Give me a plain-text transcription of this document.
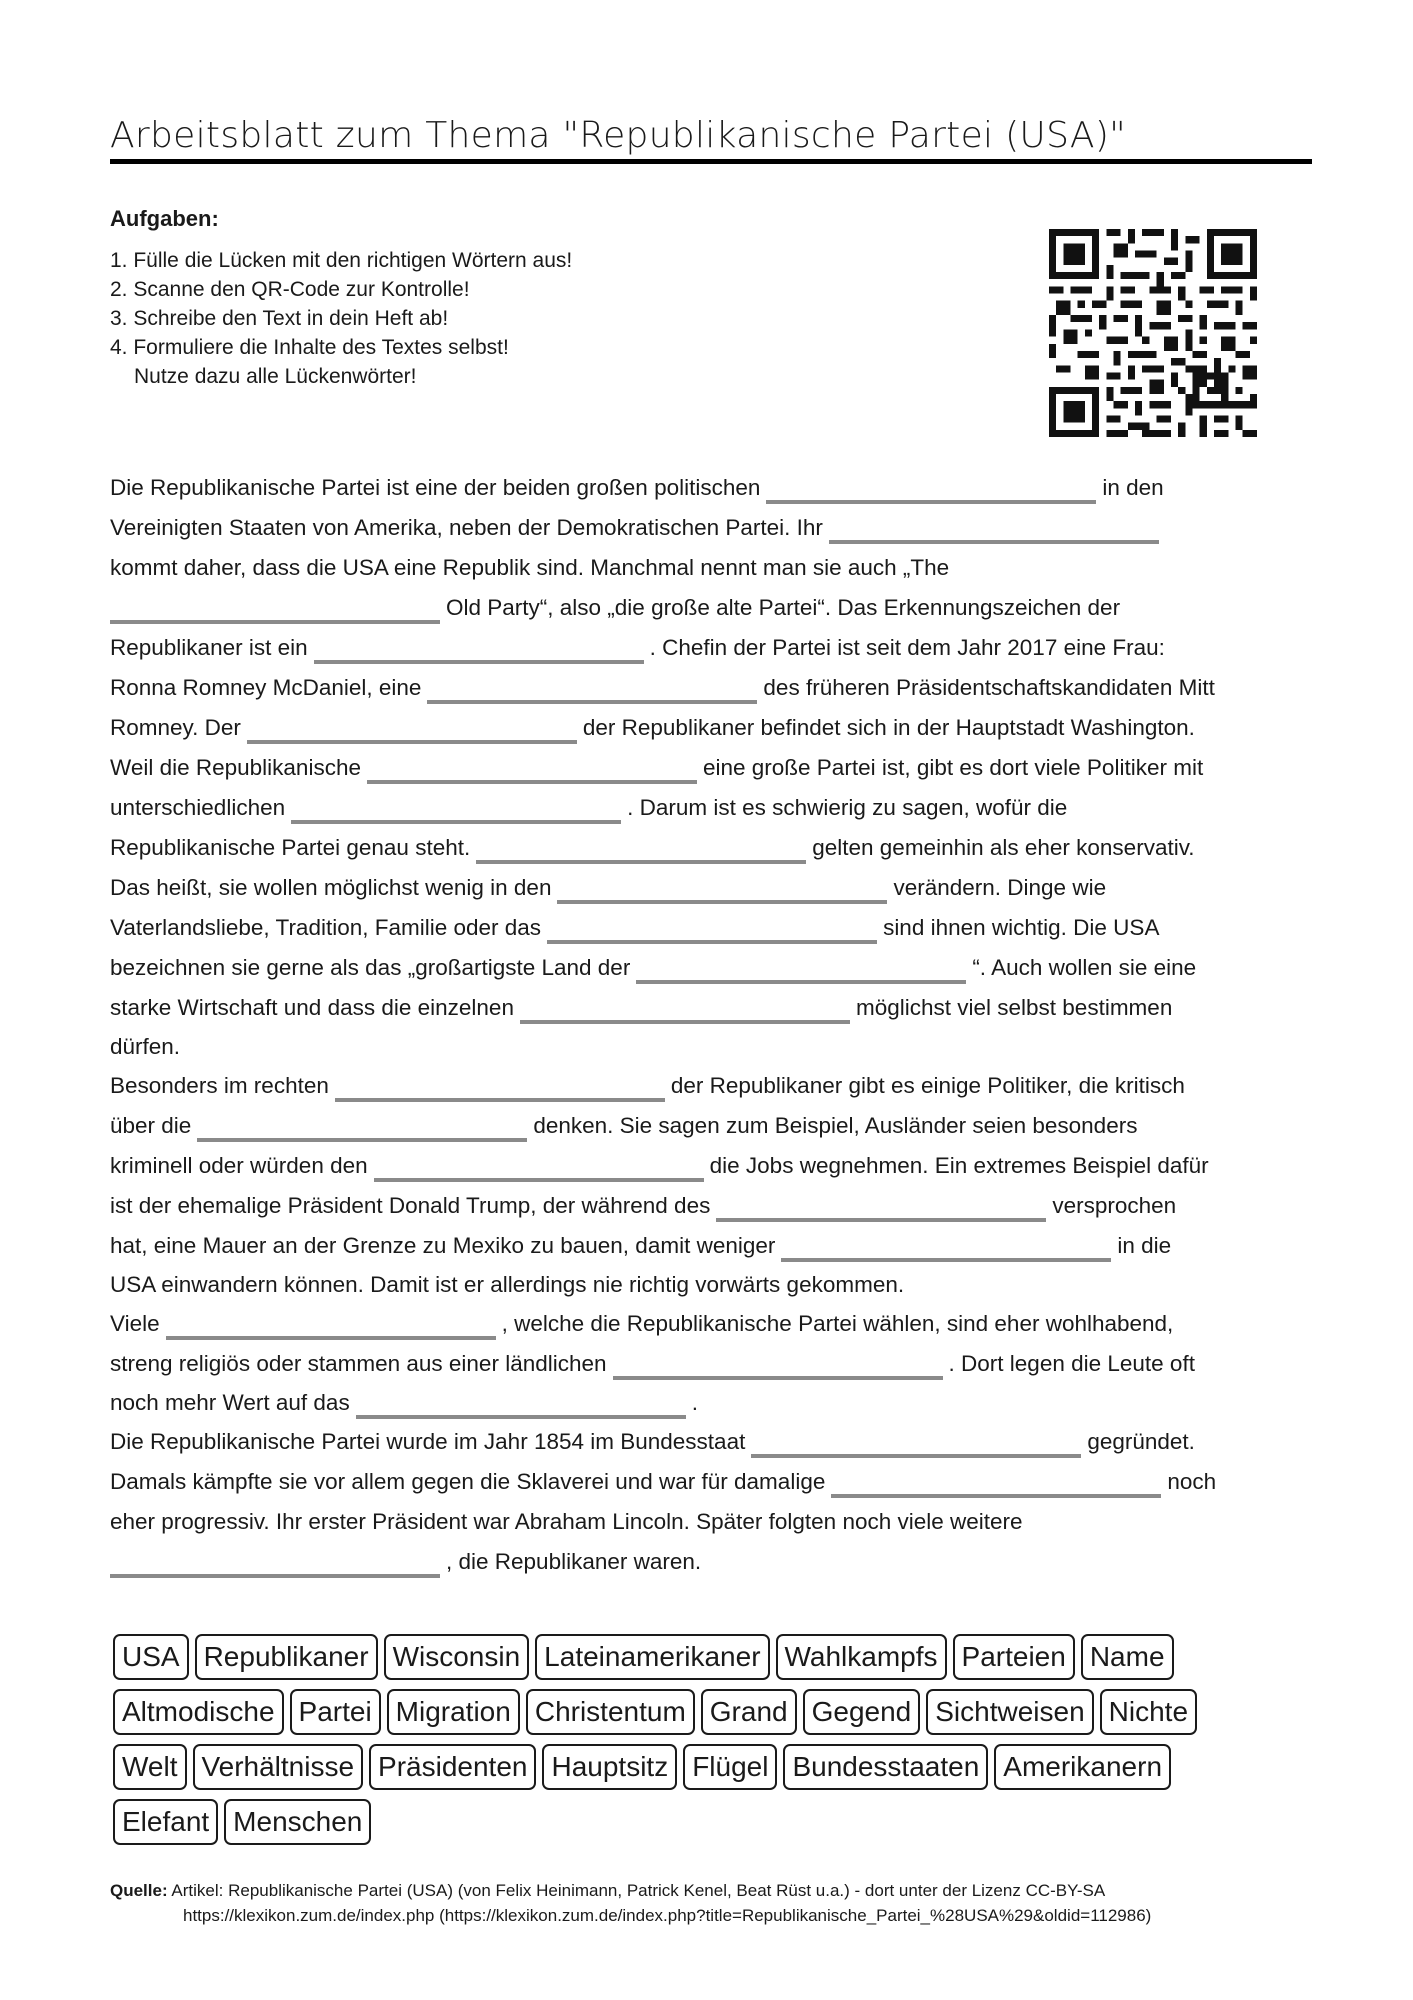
Arbeitsblatt zum Thema "Republikanische Partei (USA)"
Aufgaben:
1. Fülle die Lücken mit den richtigen Wörtern aus!
2. Scanne den QR-Code zur Kontrolle!
3. Schreibe den Text in dein Heft ab!
4. Formuliere die Inhalte des Textes selbst!
Nutze dazu alle Lückenwörter!
Die Republikanische Partei ist eine der beiden großen politischen	in den
Vereinigten Staaten von Amerika, neben der Demokratischen Partei. Ihr
kommt daher, dass die USA eine Republik sind. Manchmal nennt man sie auch „The
Old Party“, also „die große alte Partei“. Das Erkennungszeichen der
Republikaner ist ein	. Chefin der Partei ist seit dem Jahr 2017 eine Frau:
Ronna Romney McDaniel, eine	des früheren Präsidentschaftskandidaten Mitt
Romney. Der	der Republikaner befindet sich in der Hauptstadt Washington.
Weil die Republikanische	eine große Partei ist, gibt es dort viele Politiker mit
unterschiedlichen	. Darum ist es schwierig zu sagen, wofür die
Republikanische Partei genau steht.	gelten gemeinhin als eher konservativ.
Das heißt, sie wollen möglichst wenig in den	verändern. Dinge wie
Vaterlandsliebe, Tradition, Familie oder das	sind ihnen wichtig. Die USA
bezeichnen sie gerne als das „großartigste Land der	“. Auch wollen sie eine
starke Wirtschaft und dass die einzelnen	möglichst viel selbst bestimmen
dürfen.
Besonders im rechten	der Republikaner gibt es einige Politiker, die kritisch
über die	denken. Sie sagen zum Beispiel, Ausländer seien besonders
kriminell oder würden den	die Jobs wegnehmen. Ein extremes Beispiel dafür
ist der ehemalige Präsident Donald Trump, der während des	versprochen
hat, eine Mauer an der Grenze zu Mexiko zu bauen, damit weniger	in die
USA einwandern können. Damit ist er allerdings nie richtig vorwärts gekommen.
Viele	, welche die Republikanische Partei wählen, sind eher wohlhabend,
streng religiös oder stammen aus einer ländlichen	. Dort legen die Leute oft
noch mehr Wert auf das	.
Die Republikanische Partei wurde im Jahr 1854 im Bundesstaat	gegründet.
Damals kämpfte sie vor allem gegen die Sklaverei und war für damalige	noch
eher progressiv. Ihr erster Präsident war Abraham Lincoln. Später folgten noch viele weitere
, die Republikaner waren.
USA Republikaner Wisconsin Lateinamerikaner Wahlkampfs Parteien Name
Altmodische Partei Migration Christentum Grand Gegend Sichtweisen Nichte
Welt Verhältnisse Präsidenten Hauptsitz Flügel Bundesstaaten Amerikanern
Elefant Menschen
Quelle: Artikel: Republikanische Partei (USA) (von Felix Heinimann, Patrick Kenel, Beat Rüst u.a.) - dort unter der Lizenz CC-BY-SA
https://klexikon.zum.de/index.php (https://klexikon.zum.de/index.php?title=Republikanische_Partei_%28USA%29&oldid=112986)
